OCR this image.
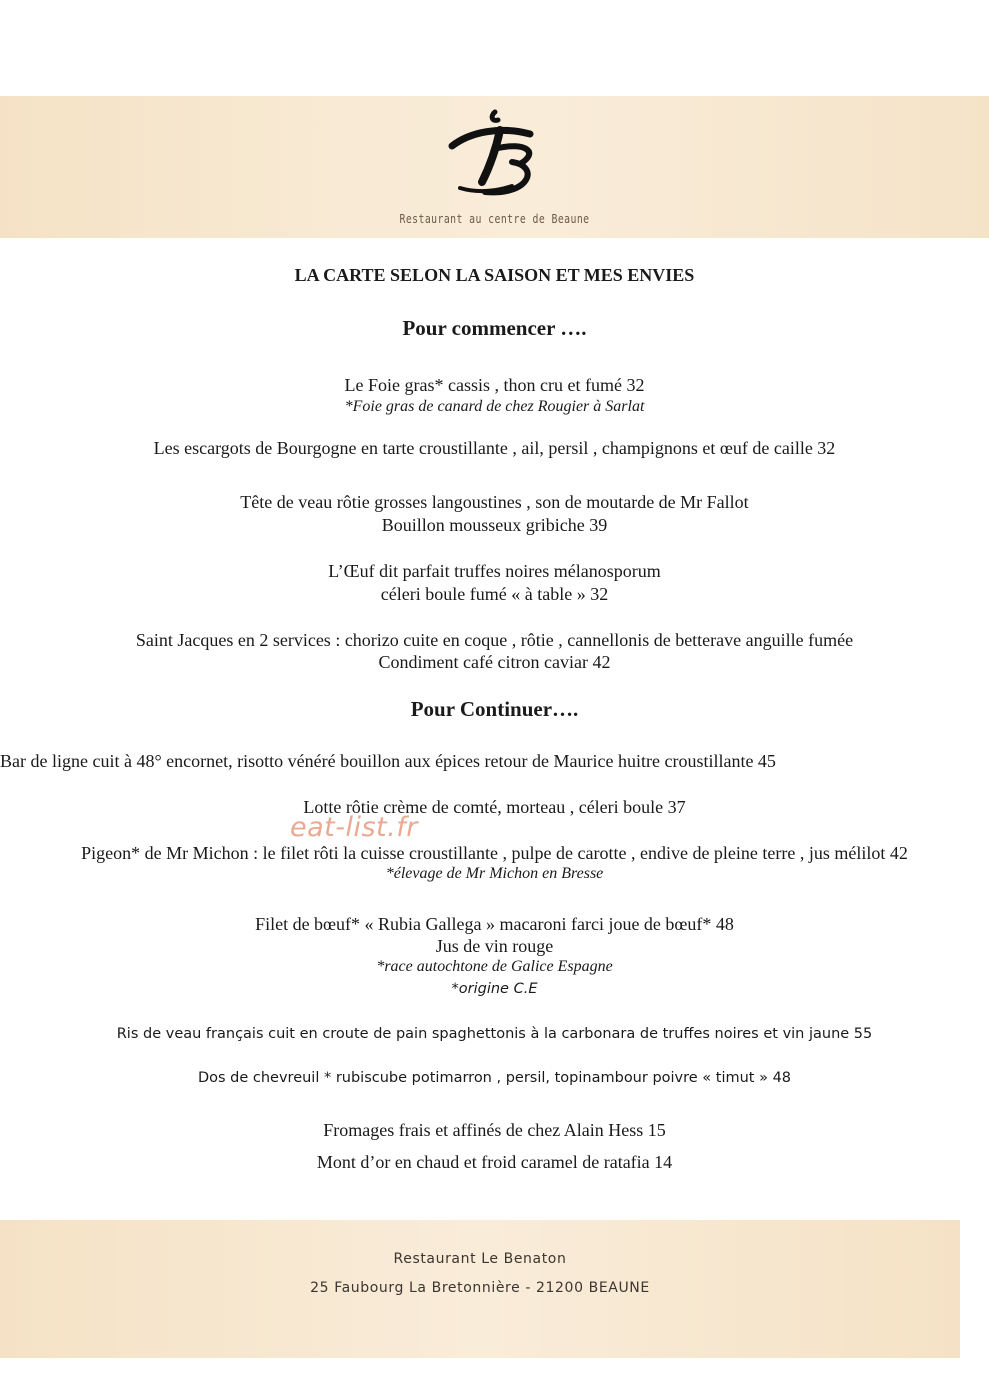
Restaurant au centre de Beaune
LA CARTE SELON LA SAISON ET MES ENVIES
Pour commencer ….
Le Foie gras* cassis , thon cru et fumé 32
*Foie gras de canard de chez Rougier à Sarlat
Les escargots de Bourgogne en tarte croustillante , ail, persil , champignons et œuf de caille 32
Tête de veau rôtie grosses langoustines , son de moutarde de Mr Fallot
Bouillon mousseux gribiche 39
L’Œuf dit parfait truffes noires mélanosporum
céleri boule fumé « à table » 32
Saint Jacques en 2 services : chorizo cuite en coque , rôtie , cannellonis de betterave anguille fumée
Condiment café citron caviar 42
Pour Continuer….
Bar de ligne cuit à 48° encornet, risotto vénéré bouillon aux épices retour de Maurice huitre croustillante 45
Lotte rôtie crème de comté, morteau , céleri boule 37
Pigeon* de Mr Michon : le filet rôti la cuisse croustillante , pulpe de carotte , endive de pleine terre , jus mélilot 42
*élevage de Mr Michon en Bresse
Filet de bœuf* « Rubia Gallega » macaroni farci joue de bœuf* 48
Jus de vin rouge
*race autochtone de Galice Espagne
*origine C.E
Ris de veau français cuit en croute de pain spaghettonis à la carbonara de truffes noires et vin jaune 55
Dos de chevreuil * rubiscube potimarron , persil, topinambour poivre « timut » 48
Fromages frais et affinés de chez Alain Hess 15
Mont d’or en chaud et froid caramel de ratafia 14
eat-list.fr
Restaurant Le Benaton
25 Faubourg La Bretonnière - 21200 BEAUNE
